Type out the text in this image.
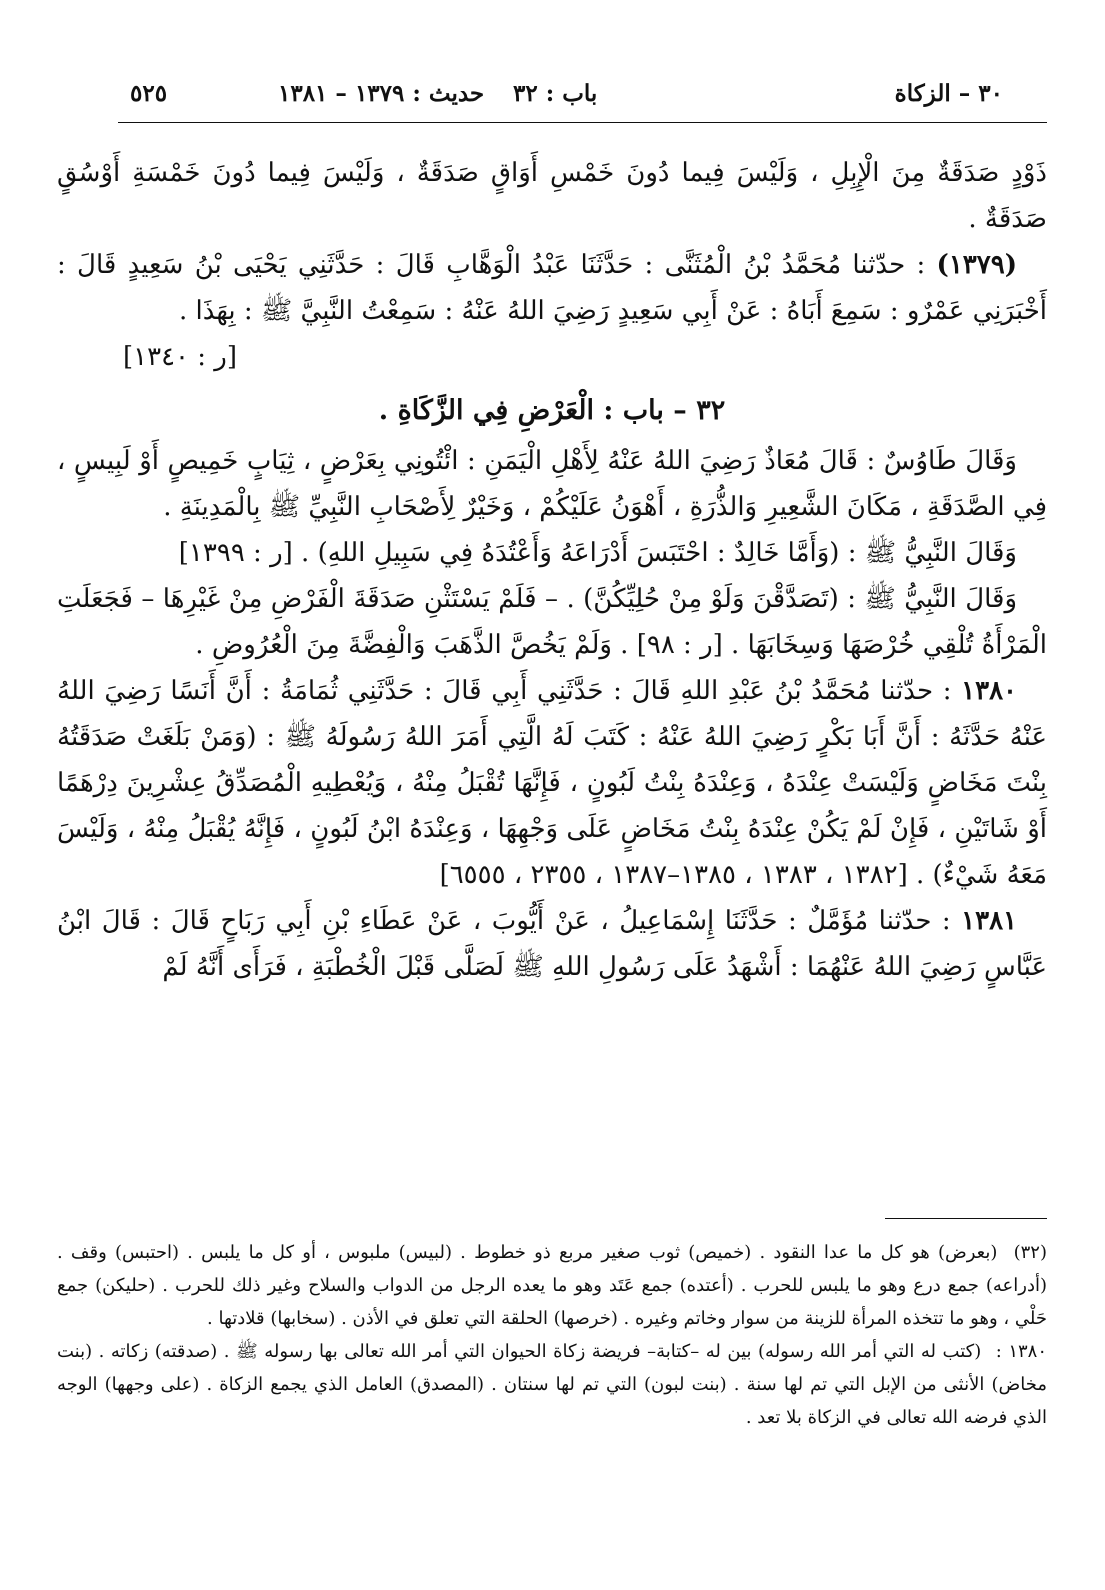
٣٠ – الزكاة
باب : ٣٢
حديث : ١٣٧٩ – ١٣٨١
٥٢٥

ذَوْدٍ صَدَقَةٌ مِنَ الْإِبِلِ ، وَلَيْسَ فِيما دُونَ خَمْسِ أَوَاقٍ صَدَقَةٌ ، وَلَيْسَ فِيما دُونَ خَمْسَةِ أَوْسُقٍ صَدَقَةٌ .

(١٣٧٩) : حدّثنا مُحَمَّدُ بْنُ الْمُثَنَّى : حَدَّثَنَا عَبْدُ الْوَهَّابِ قَالَ : حَدَّثَنِي يَحْيَى بْنُ سَعِيدٍ قَالَ : أَخْبَرَنِي عَمْرٌو : سَمِعَ أَبَاهُ : عَنْ أَبِي سَعِيدٍ رَضِيَ اللهُ عَنْهُ : سَمِعْتُ النَّبِيَّ ﷺ : بِهَذَا .

[ر : ١٣٤٠]

٣٢ – باب : الْعَرْضِ فِي الزَّكَاةِ .

وَقَالَ طَاوُسٌ : قَالَ مُعَاذٌ رَضِيَ اللهُ عَنْهُ لِأَهْلِ الْيَمَنِ : ائْتُونِي بِعَرْضٍ ، ثِيَابٍ خَمِيصٍ أَوْ لَبِيسٍ ، فِي الصَّدَقَةِ ، مَكَانَ الشَّعِيرِ وَالذُّرَةِ ، أَهْوَنُ عَلَيْكُمْ ، وَخَيْرٌ لِأَصْحَابِ النَّبِيِّ ﷺ بِالْمَدِينَةِ .

وَقَالَ النَّبِيُّ ﷺ : (وَأَمَّا خَالِدٌ : احْتَبَسَ أَدْرَاعَهُ وَأَعْتُدَهُ فِي سَبِيلِ اللهِ) . [ر : ١٣٩٩]

وَقَالَ النَّبِيُّ ﷺ : (تَصَدَّقْنَ وَلَوْ مِنْ حُلِيِّكُنَّ) . – فَلَمْ يَسْتَثْنِ صَدَقَةَ الْفَرْضِ مِنْ غَيْرِهَا – فَجَعَلَتِ الْمَرْأَةُ تُلْقِي خُرْصَهَا وَسِخَابَهَا . [ر : ٩٨] . وَلَمْ يَخُصَّ الذَّهَبَ وَالْفِضَّةَ مِنَ الْعُرُوضِ .

١٣٨٠ : حدّثنا مُحَمَّدُ بْنُ عَبْدِ اللهِ قَالَ : حَدَّثَنِي أَبِي قَالَ : حَدَّثَنِي ثُمَامَةُ : أَنَّ أَنَسًا رَضِيَ اللهُ عَنْهُ حَدَّثَهُ : أَنَّ أَبَا بَكْرٍ رَضِيَ اللهُ عَنْهُ : كَتَبَ لَهُ الَّتِي أَمَرَ اللهُ رَسُولَهُ ﷺ : (وَمَنْ بَلَغَتْ صَدَقَتُهُ بِنْتَ مَخَاضٍ وَلَيْسَتْ عِنْدَهُ ، وَعِنْدَهُ بِنْتُ لَبُونٍ ، فَإِنَّهَا تُقْبَلُ مِنْهُ ، وَيُعْطِيهِ الْمُصَدِّقُ عِشْرِينَ دِرْهَمًا أَوْ شَاتَيْنِ ، فَإِنْ لَمْ يَكُنْ عِنْدَهُ بِنْتُ مَخَاضٍ عَلَى وَجْهِهَا ، وَعِنْدَهُ ابْنُ لَبُونٍ ، فَإِنَّهُ يُقْبَلُ مِنْهُ ، وَلَيْسَ مَعَهُ شَيْءٌ) . [١٣٨٢ ، ١٣٨٣ ، ١٣٨٥–١٣٨٧ ، ٢٣٥٥ ، ٦٥٥٥]

١٣٨١ : حدّثنا مُؤَمَّلٌ : حَدَّثَنَا إِسْمَاعِيلُ ، عَنْ أَيُّوبَ ، عَنْ عَطَاءِ بْنِ أَبِي رَبَاحٍ قَالَ : قَالَ ابْنُ عَبَّاسٍ رَضِيَ اللهُ عَنْهُمَا : أَشْهَدُ عَلَى رَسُولِ اللهِ ﷺ لَصَلَّى قَبْلَ الْخُطْبَةِ ، فَرَأَى أَنَّهُ لَمْ

(٣٢) (بعرض) هو كل ما عدا النقود . (خميص) ثوب صغير مربع ذو خطوط . (لبيس) ملبوس ، أو كل ما يلبس . (احتبس) وقف . (أدراعه) جمع درع وهو ما يلبس للحرب . (أعتده) جمع عَتَد وهو ما يعده الرجل من الدواب والسلاح وغير ذلك للحرب . (حليكن) جمع حَلْي ، وهو ما تتخذه المرأة للزينة من سوار وخاتم وغيره . (خرصها) الحلقة التي تعلق في الأذن . (سخابها) قلادتها .

١٣٨٠ : (كتب له التي أمر الله رسوله) بين له –كتابة– فريضة زكاة الحيوان التي أمر الله تعالى بها رسوله ﷺ . (صدقته) زكاته . (بنت مخاض) الأنثى من الإبل التي تم لها سنة . (بنت لبون) التي تم لها سنتان . (المصدق) العامل الذي يجمع الزكاة . (على وجهها) الوجه الذي فرضه الله تعالى في الزكاة بلا تعد .
